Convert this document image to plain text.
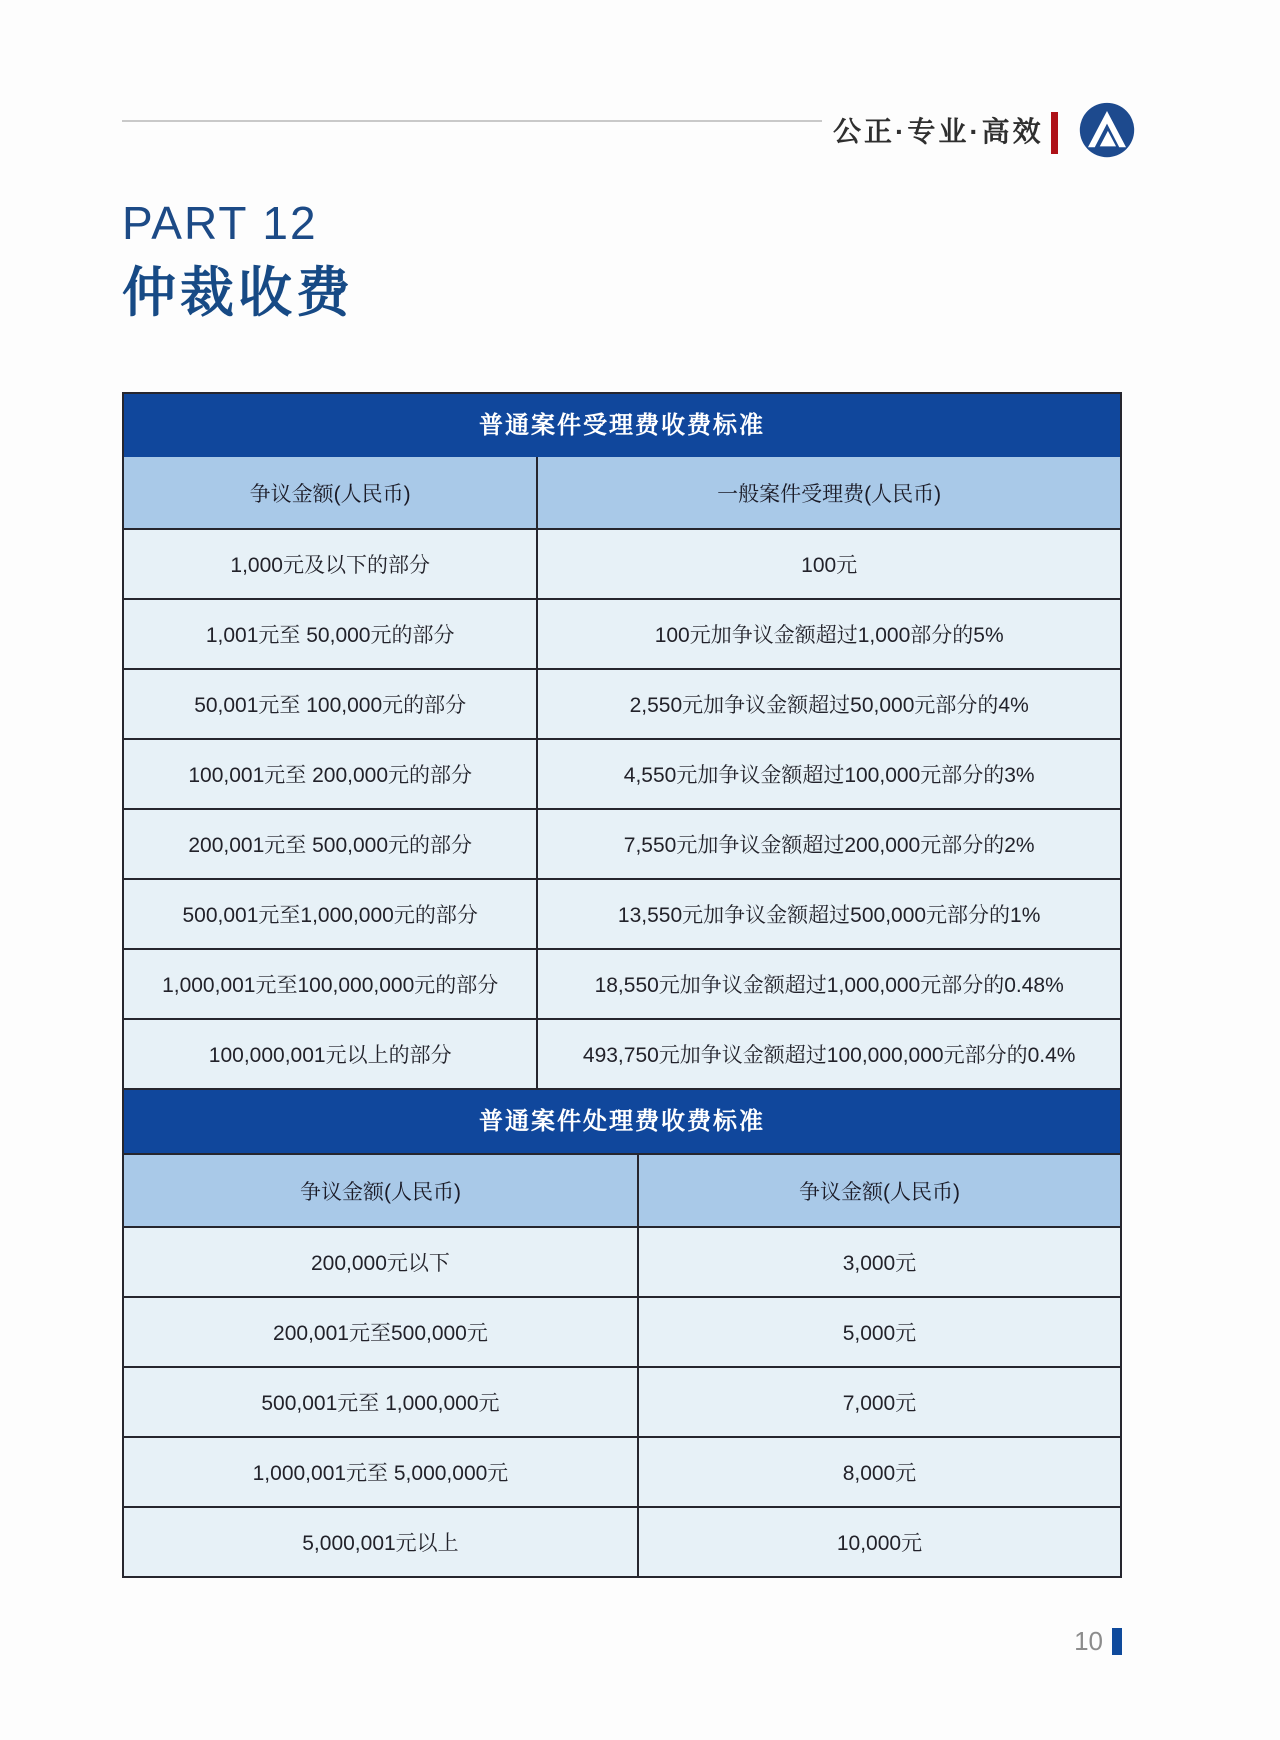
公正·专业·高效
PART 12
仲裁收费
普通案件受理费收费标准
争议金额(人民币)	一般案件受理费(人民币)
1,000元及以下的部分	100元
1,001元至 50,000元的部分	100元加争议金额超过1,000部分的5%
50,001元至 100,000元的部分	2,550元加争议金额超过50,000元部分的4%
100,001元至 200,000元的部分	4,550元加争议金额超过100,000元部分的3%
200,001元至 500,000元的部分	7,550元加争议金额超过200,000元部分的2%
500,001元至1,000,000元的部分	13,550元加争议金额超过500,000元部分的1%
1,000,001元至100,000,000元的部分	18,550元加争议金额超过1,000,000元部分的0.48%
100,000,001元以上的部分	493,750元加争议金额超过100,000,000元部分的0.4%
普通案件处理费收费标准
争议金额(人民币)	争议金额(人民币)
200,000元以下	3,000元
200,001元至500,000元	5,000元
500,001元至 1,000,000元	7,000元
1,000,001元至 5,000,000元	8,000元
5,000,001元以上	10,000元
10
